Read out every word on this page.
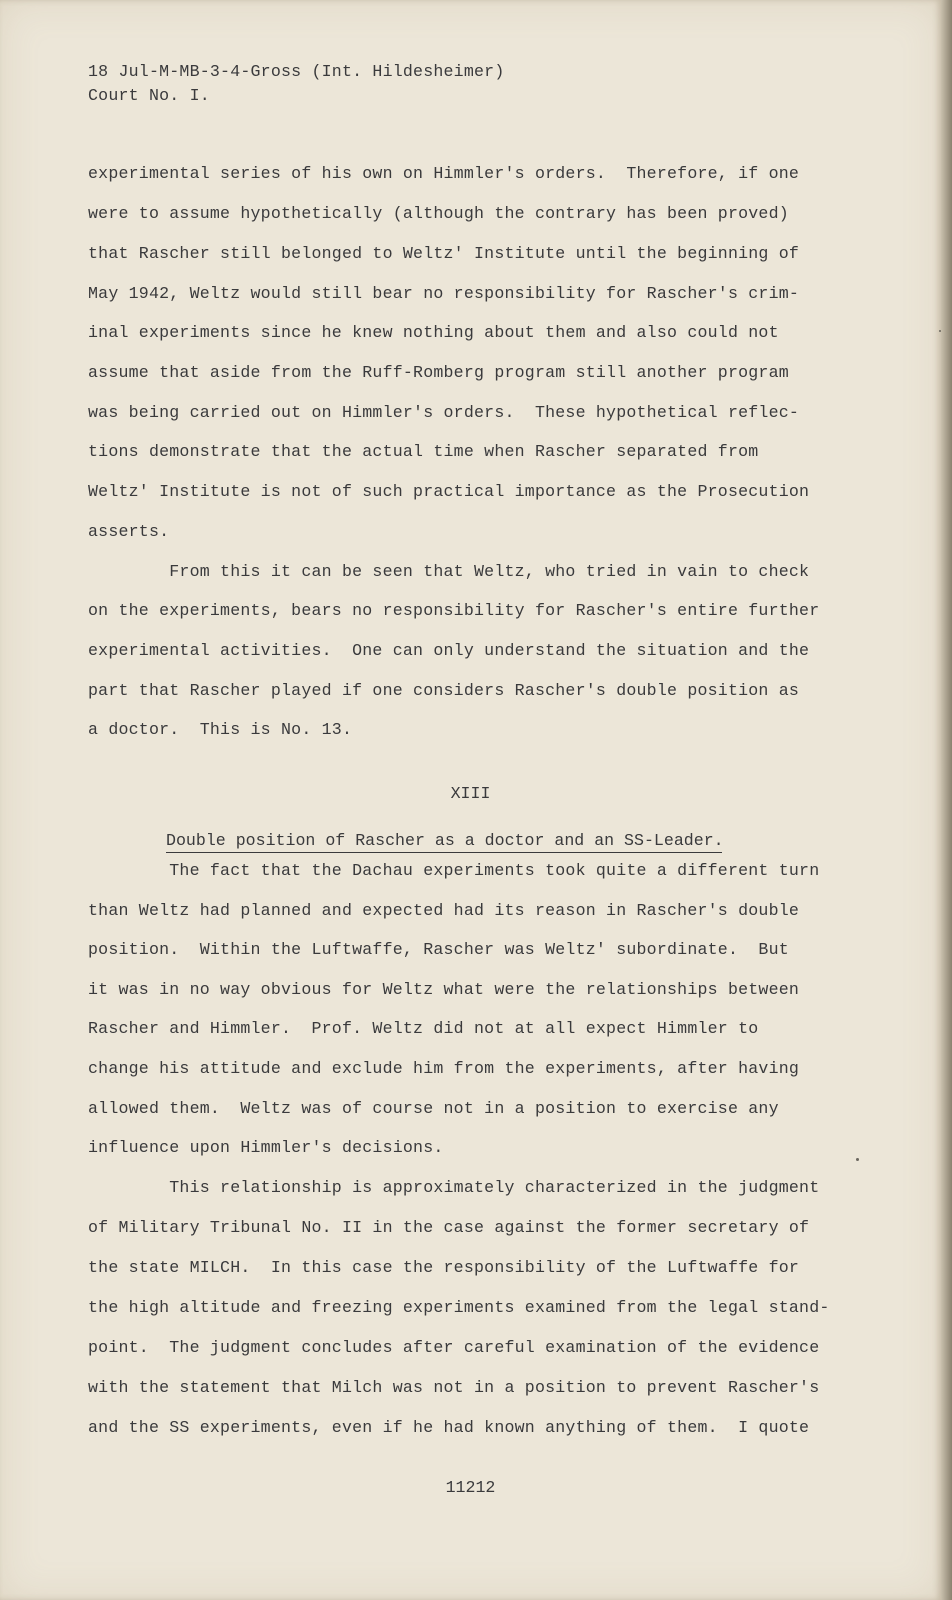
18 Jul-M-MB-3-4-Gross (Int. Hildesheimer)
Court No. I.
experimental series of his own on Himmler's orders.  Therefore, if one
were to assume hypothetically (although the contrary has been proved)
that Rascher still belonged to Weltz' Institute until the beginning of
May 1942, Weltz would still bear no responsibility for Rascher's crim-
inal experiments since he knew nothing about them and also could not
assume that aside from the Ruff-Romberg program still another program
was being carried out on Himmler's orders.  These hypothetical reflec-
tions demonstrate that the actual time when Rascher separated from
Weltz' Institute is not of such practical importance as the Prosecution
asserts.
From this it can be seen that Weltz, who tried in vain to check
on the experiments, bears no responsibility for Rascher's entire further
experimental activities.  One can only understand the situation and the
part that Rascher played if one considers Rascher's double position as
a doctor.  This is No. 13.
XIII
Double position of Rascher as a doctor and an SS-Leader.
The fact that the Dachau experiments took quite a different turn
than Weltz had planned and expected had its reason in Rascher's double
position.  Within the Luftwaffe, Rascher was Weltz' subordinate.  But
it was in no way obvious for Weltz what were the relationships between
Rascher and Himmler.  Prof. Weltz did not at all expect Himmler to
change his attitude and exclude him from the experiments, after having
allowed them.  Weltz was of course not in a position to exercise any
influence upon Himmler's decisions.
This relationship is approximately characterized in the judgment
of Military Tribunal No. II in the case against the former secretary of
the state MILCH.  In this case the responsibility of the Luftwaffe for
the high altitude and freezing experiments examined from the legal stand-
point.  The judgment concludes after careful examination of the evidence
with the statement that Milch was not in a position to prevent Rascher's
and the SS experiments, even if he had known anything of them.  I quote
11212
